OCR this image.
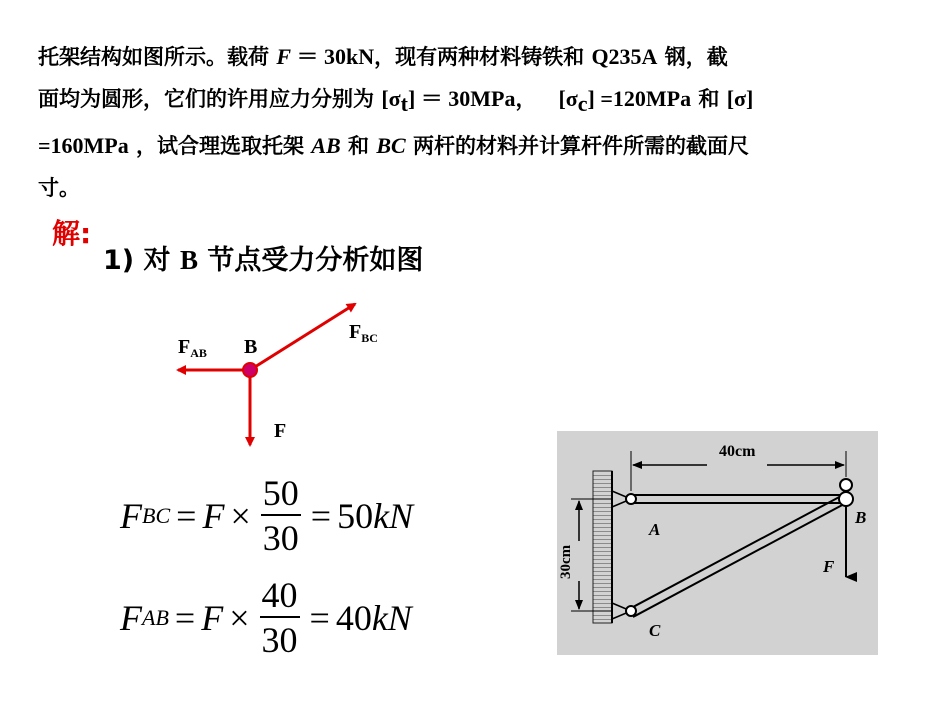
托架结构如图所示。载荷 F ＝ 30kN，现有两种材料铸铁和 Q235A 钢，截
面均为圆形，它们的许用应力分别为 $[\sigma_t] = 30MPa$， $[\sigma_c] =120MPa$ 和 [σ]
=160MPa ，试合理选取托架 AB 和 BC 两杆的材料并计算杆件所需的截面尺
寸。
解:
1) 对 B 节点受力分析如图
$F_{AB}$ B
$F_{BC}$
F
F BC = $F \times \frac{50}{30} = 50$ kN
F AB = $F \times \frac{40}{30} = 40$ kN
40cm
30cm
A
B
C
F
